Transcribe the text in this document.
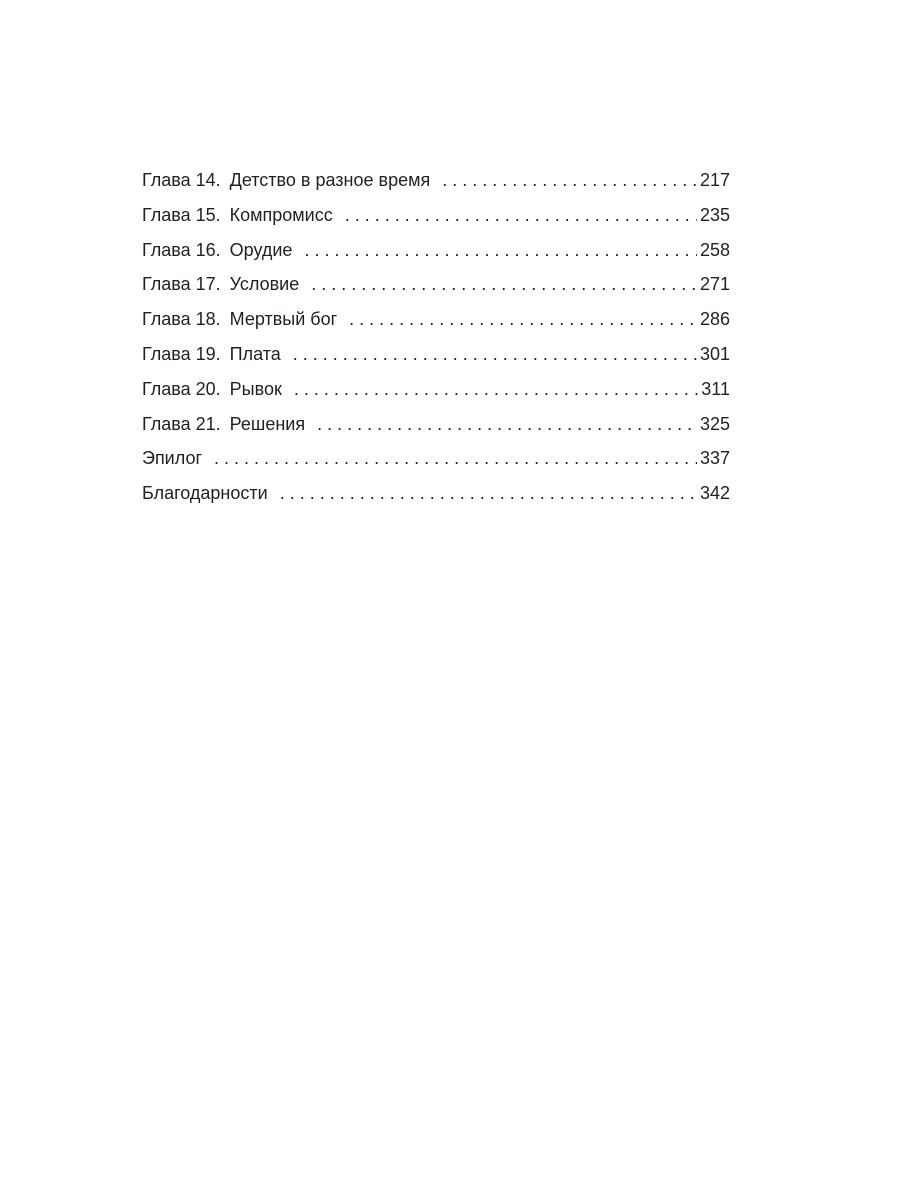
Глава 14. Детство в разное время . . .	217
Глава 15. Компромисс . . .	235
Глава 16. Орудие . . .	258
Глава 17. Условие . . .	271
Глава 18. Мертвый бог . . .	286
Глава 19. Плата . . .	301
Глава 20. Рывок . . .	311
Глава 21. Решения . . .	325
Эпилог . . .	337
Благодарности . . .	342
